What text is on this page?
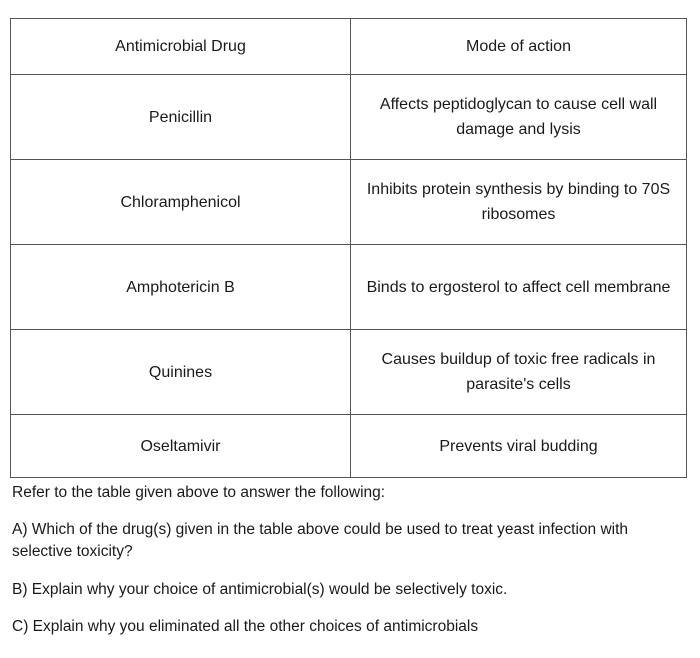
Antimicrobial Drug	Mode of action
Penicillin	Affects peptidoglycan to cause cell wall damage and lysis
Chloramphenicol	Inhibits protein synthesis by binding to 70S ribosomes
Amphotericin B	Binds to ergosterol to affect cell membrane
Quinines	Causes buildup of toxic free radicals in parasite's cells
Oseltamivir	Prevents viral budding

Refer to the table given above to answer the following:

A) Which of the drug(s) given in the table above could be used to treat yeast infection with selective toxicity?

B) Explain why your choice of antimicrobial(s) would be selectively toxic.

C) Explain why you eliminated all the other choices of antimicrobials
